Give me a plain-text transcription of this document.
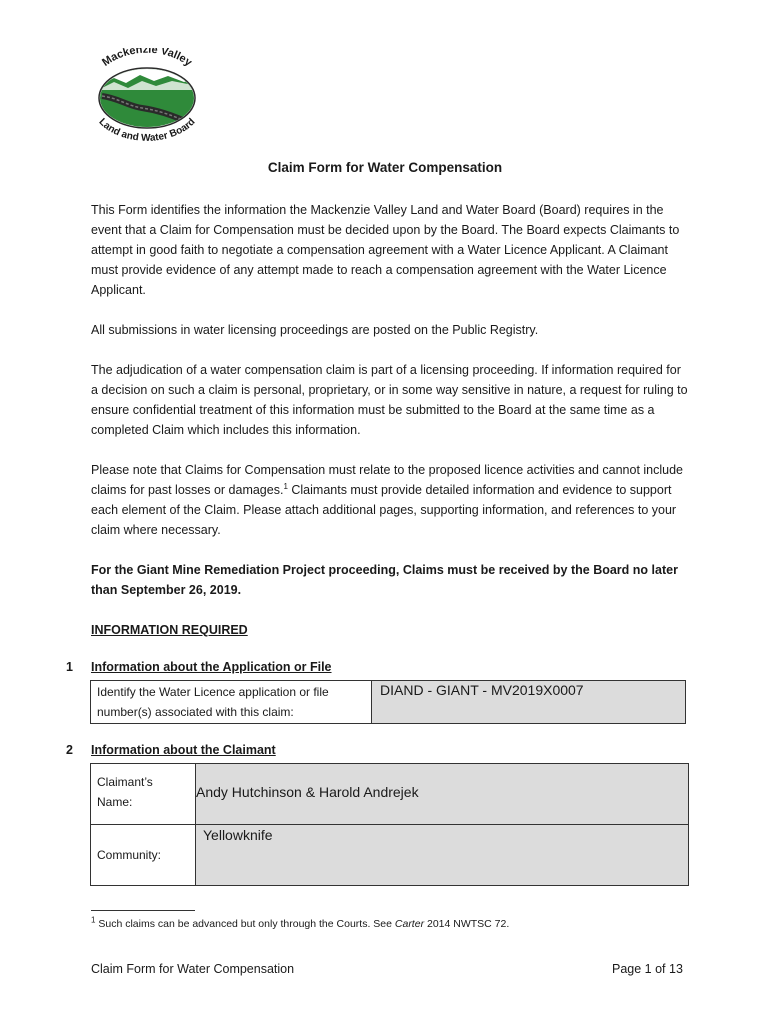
Mackenzie Valley
Land and Water Board
Claim Form for Water Compensation
This Form identifies the information the Mackenzie Valley Land and Water Board (Board) requires in the event that a Claim for Compensation must be decided upon by the Board. The Board expects Claimants to attempt in good faith to negotiate a compensation agreement with a Water Licence Applicant. A Claimant must provide evidence of any attempt made to reach a compensation agreement with the Water Licence Applicant.
All submissions in water licensing proceedings are posted on the Public Registry.
The adjudication of a water compensation claim is part of a licensing proceeding. If information required for a decision on such a claim is personal, proprietary, or in some way sensitive in nature, a request for ruling to ensure confidential treatment of this information must be submitted to the Board at the same time as a completed Claim which includes this information.
Please note that Claims for Compensation must relate to the proposed licence activities and cannot include claims for past losses or damages.$^1$ Claimants must provide detailed information and evidence to support each element of the Claim. Please attach additional pages, supporting information, and references to your claim where necessary.
For the Giant Mine Remediation Project proceeding, Claims must be received by the Board no later than September 26, 2019.
INFORMATION REQUIRED
1 Information about the Application or File
Identify the Water Licence application or file number(s) associated with this claim:

DIAND - GIANT - MV2019X0007
2 Information about the Claimant
Claimant’s Name:	Andy Hutchinson & Harold Andrejek

Community:	Yellowknife
$^1$ Such claims can be advanced but only through the Courts. See Carter 2014 NWTSC 72.
Claim Form for Water Compensation	Page 1 of 13
